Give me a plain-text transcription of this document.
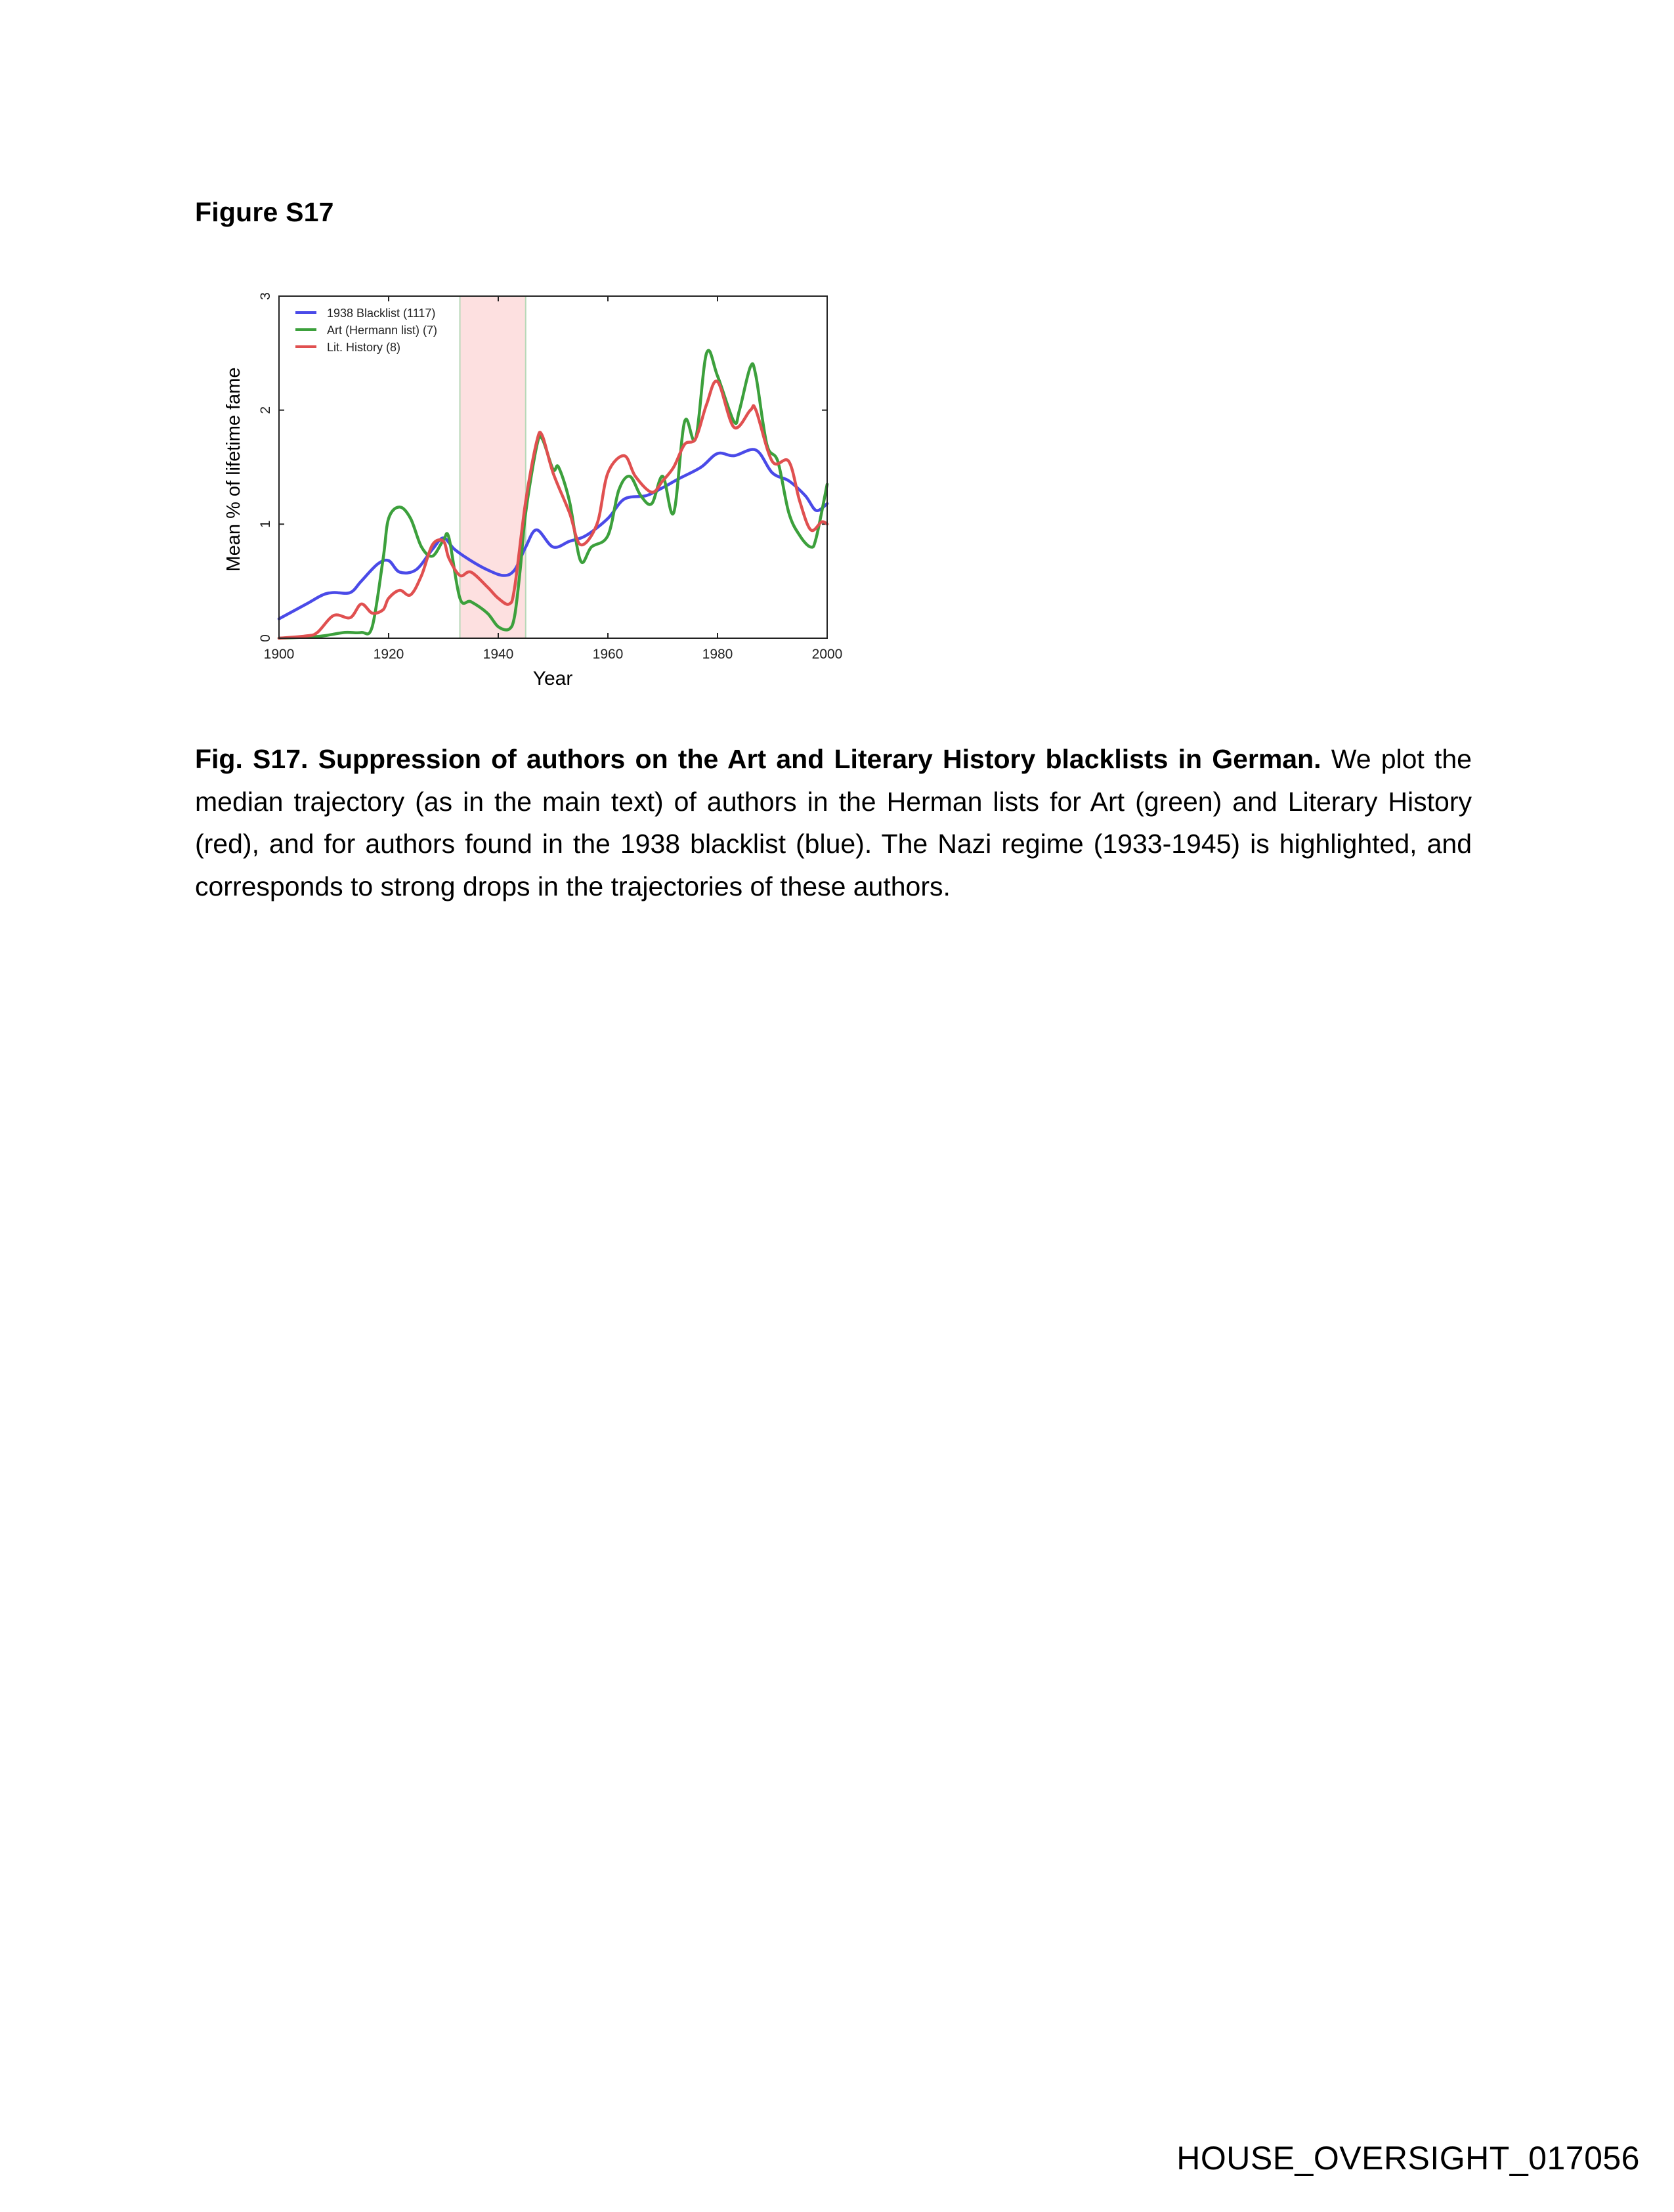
Figure S17
1900	1920	1940	1960	1980	2000
0
1
2
3
1938 Blacklist (1117)
Art (Hermann list) (7)
Lit. History (8)
Year
Mean % of lifetime fame
Fig. S17. Suppression of authors on the Art and Literary History blacklists in German. We plot the median trajectory (as in the main text) of authors in the Herman lists for Art (green) and Literary History (red), and for authors found in the 1938 blacklist (blue). The Nazi regime (1933-1945) is highlighted, and corresponds to strong drops in the trajectories of these authors.
HOUSE_OVERSIGHT_017056
